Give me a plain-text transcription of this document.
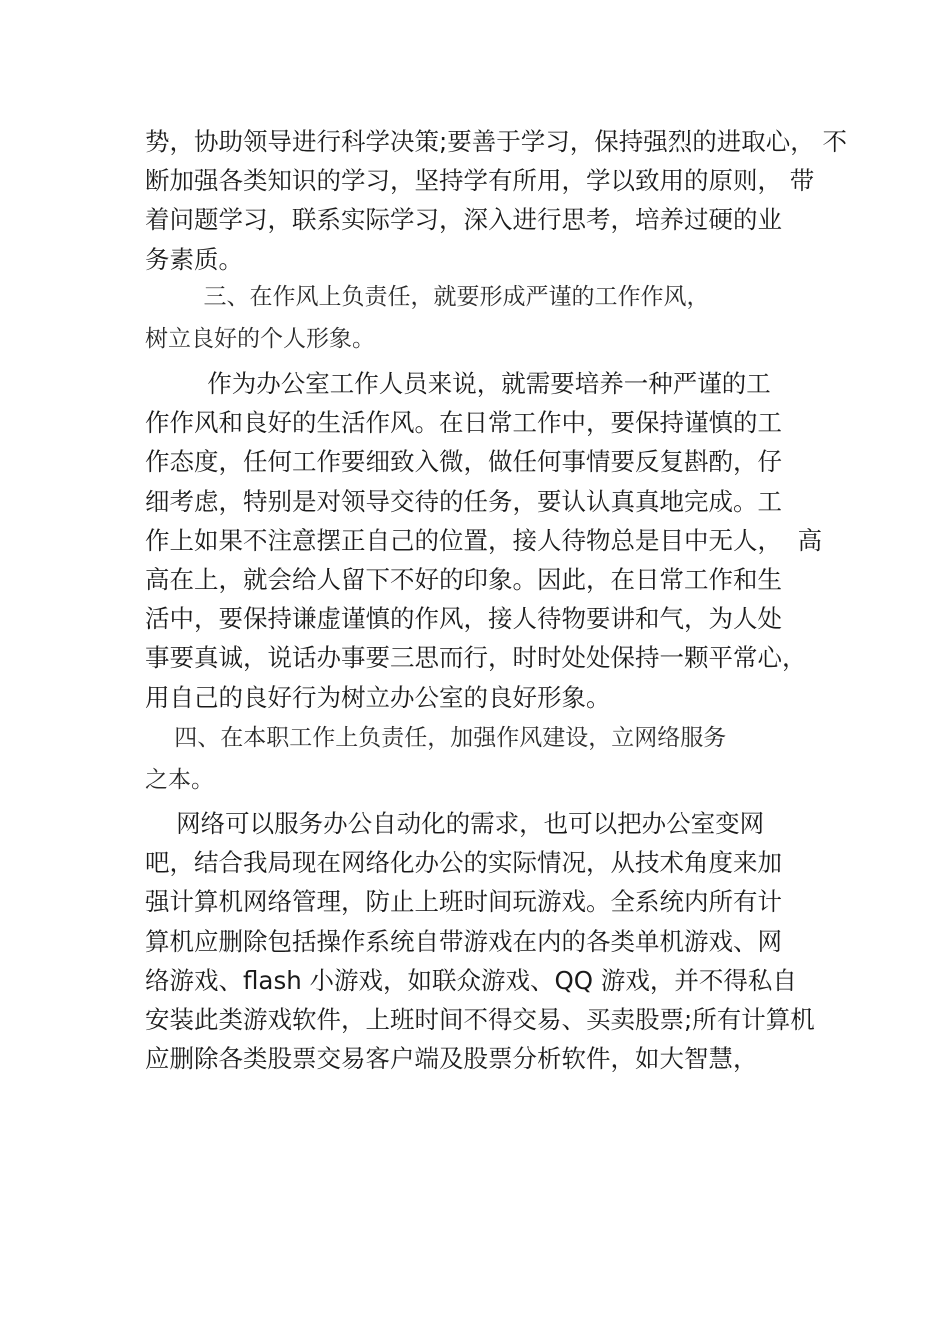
势，协助领导进行科学决策;要善于学习，保持强烈的进取心， 不
断加强各类知识的学习，坚持学有所用，学以致用的原则， 带
着问题学习，联系实际学习，深入进行思考，培养过硬的业
务素质。
三、在作风上负责任，就要形成严谨的工作作风，
树立良好的个人形象。
作为办公室工作人员来说，就需要培养一种严谨的工
作作风和良好的生活作风。在日常工作中，要保持谨慎的工
作态度，任何工作要细致入微，做任何事情要反复斟酌，仔
细考虑，特别是对领导交待的任务，要认认真真地完成。工
作上如果不注意摆正自己的位置，接人待物总是目中无人，  高
高在上，就会给人留下不好的印象。因此，在日常工作和生
活中，要保持谦虚谨慎的作风，接人待物要讲和气，为人处
事要真诚，说话办事要三思而行，时时处处保持一颗平常心，
用自己的良好行为树立办公室的良好形象。
四、在本职工作上负责任，加强作风建设，立网络服务
之本。
网络可以服务办公自动化的需求，也可以把办公室变网
吧，结合我局现在网络化办公的实际情况，从技术角度来加
强计算机网络管理，防止上班时间玩游戏。全系统内所有计
算机应删除包括操作系统自带游戏在内的各类单机游戏、网
络游戏、flash 小游戏，如联众游戏、QQ 游戏，并不得私自
安装此类游戏软件，上班时间不得交易、买卖股票;所有计算机
应删除各类股票交易客户端及股票分析软件，如大智慧，
